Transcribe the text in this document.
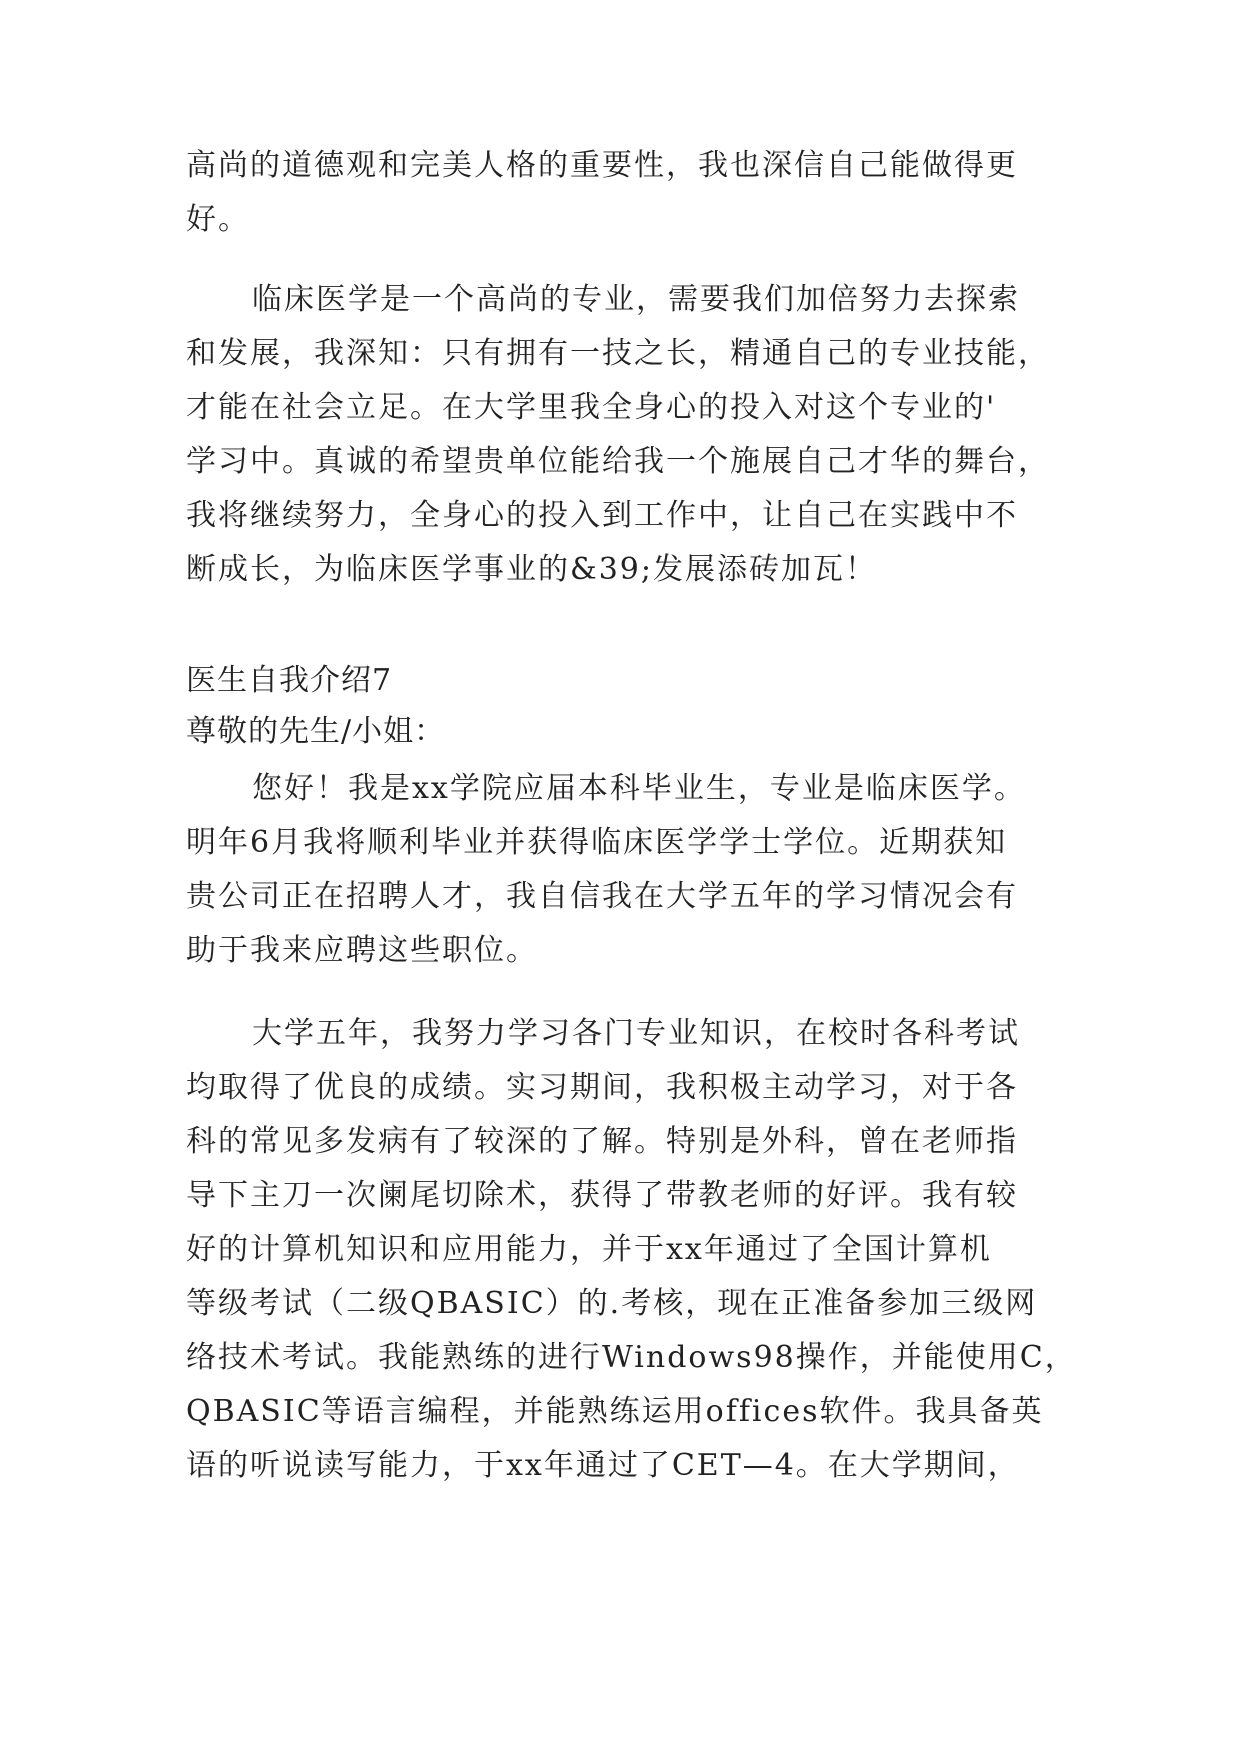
高尚的道德观和完美人格的重要性，我也深信自己能做得更
好。
临床医学是一个高尚的专业，需要我们加倍努力去探索
和发展，我深知：只有拥有一技之长，精通自己的专业技能，
才能在社会立足。在大学里我全身心的投入对这个专业的'
学习中。真诚的希望贵单位能给我一个施展自己才华的舞台，
我将继续努力，全身心的投入到工作中，让自己在实践中不
断成长，为临床医学事业的&39;发展添砖加瓦！
医生自我介绍7
尊敬的先生/小姐：
您好！我是xx学院应届本科毕业生，专业是临床医学。
明年6月我将顺利毕业并获得临床医学学士学位。近期获知
贵公司正在招聘人才，我自信我在大学五年的学习情况会有
助于我来应聘这些职位。
大学五年，我努力学习各门专业知识，在校时各科考试
均取得了优良的成绩。实习期间，我积极主动学习，对于各
科的常见多发病有了较深的了解。特别是外科，曾在老师指
导下主刀一次阑尾切除术，获得了带教老师的好评。我有较
好的计算机知识和应用能力，并于xx年通过了全国计算机
等级考试（二级QBASIC）的.考核，现在正准备参加三级网
络技术考试。我能熟练的进行Windows98操作，并能使用C，
QBASIC等语言编程，并能熟练运用offices软件。我具备英
语的听说读写能力，于xx年通过了CET—4。在大学期间，
